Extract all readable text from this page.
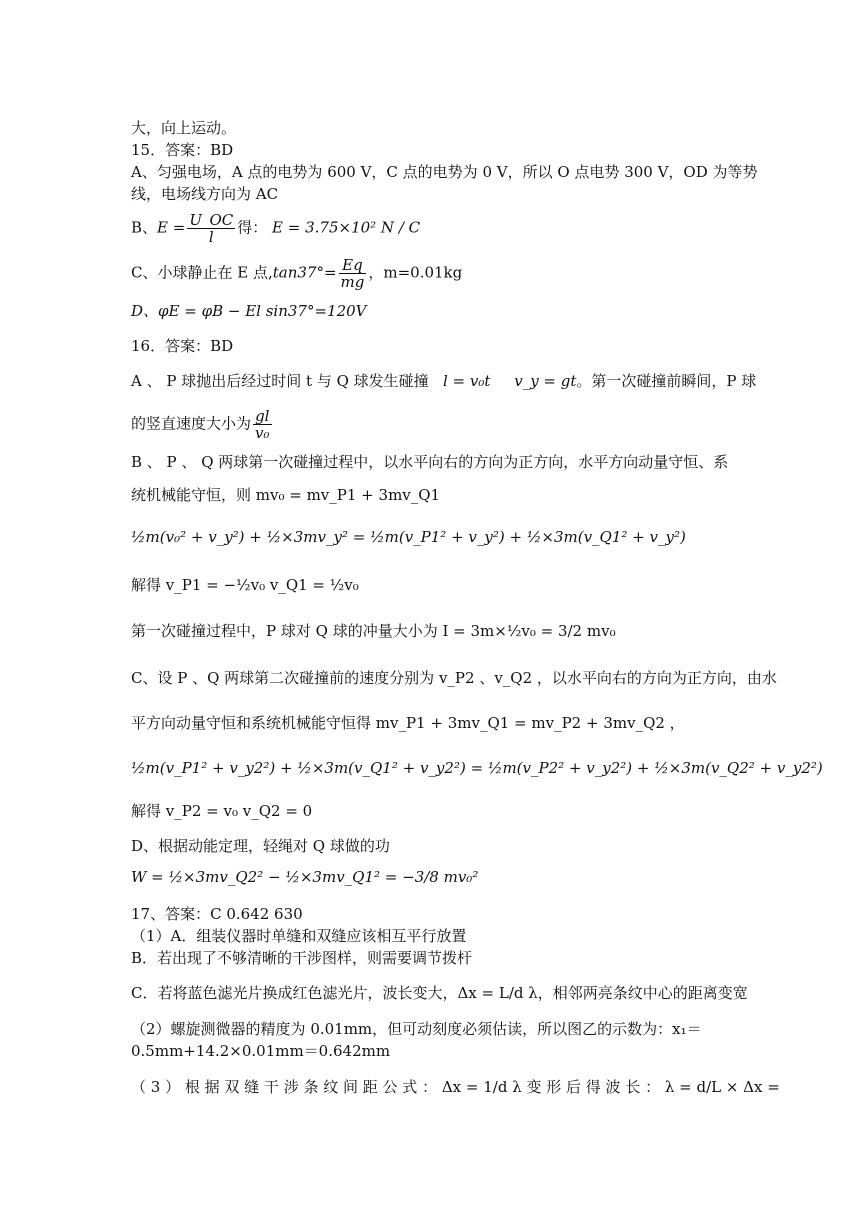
大，向上运动。
15．答案：BD
A、匀强电场，A 点的电势为 600 V，C 点的电势为 0 V，所以 O 点电势 300 V，OD 为等势
线，电场线方向为 AC
B、$E = \frac{U\_OC}{l}$ 得： E = 3.75×10² N / C
C、小球静止在 E 点$,\tan 37^\circ= \frac{Eq}{mg}$ ，m=0.01kg
D、φE = φB − El sin37°=120V
16．答案：BD
A 、 P 球抛出后经过时间 t 与 Q 球发生碰撞 l = v₀t v_y = gt。第一次碰撞前瞬间，P 球
的竖直速度大小为 $\frac{gl}{\text{v₀}}$
B 、 P 、 Q 两球第一次碰撞过程中，以水平向右的方向为正方向，水平方向动量守恒、系
统机械能守恒，则 mv₀ = mv_P1 + 3mv_Q1
½m(v₀² + v_y²) + ½×3mv_y² = ½m(v_P1² + v_y²) + ½×3m(v_Q1² + v_y²)
解得 v_P1 = −½v₀ v_Q1 = ½v₀
第一次碰撞过程中，P 球对 Q 球的冲量大小为 I = 3m×½v₀ = 3/2 mv₀
C、设 P 、Q 两球第二次碰撞前的速度分别为 v_P2 、v_Q2 ，以水平向右的方向为正方向，由水
平方向动量守恒和系统机械能守恒得 mv_P1 + 3mv_Q1 = mv_P2 + 3mv_Q2 ，
½m(v_P1² + v_y2²) + ½×3m(v_Q1² + v_y2²) = ½m(v_P2² + v_y2²) + ½×3m(v_Q2² + v_y2²)
解得 v_P2 = v₀ v_Q2 = 0
D、根据动能定理，轻绳对 Q 球做的功
W = ½×3mv_Q2² − ½×3mv_Q1² = −3/8 mv₀²
17、答案：C 0.642 630
（1）A．组装仪器时单缝和双缝应该相互平行放置
B．若出现了不够清晰的干涉图样，则需要调节拨杆
C．若将蓝色滤光片换成红色滤光片，波长变大，Δx = L/d λ，相邻两亮条纹中心的距离变宽
（2）螺旋测微器的精度为 0.01mm，但可动刻度必须估读，所以图乙的示数为：x₁＝
0.5mm+14.2×0.01mm＝0.642mm
（ 3 ） 根 据 双 缝 干 涉 条 纹 间 距 公 式 ： Δx = 1/d λ 变 形 后 得 波 长 ： λ = d/L × Δx =
